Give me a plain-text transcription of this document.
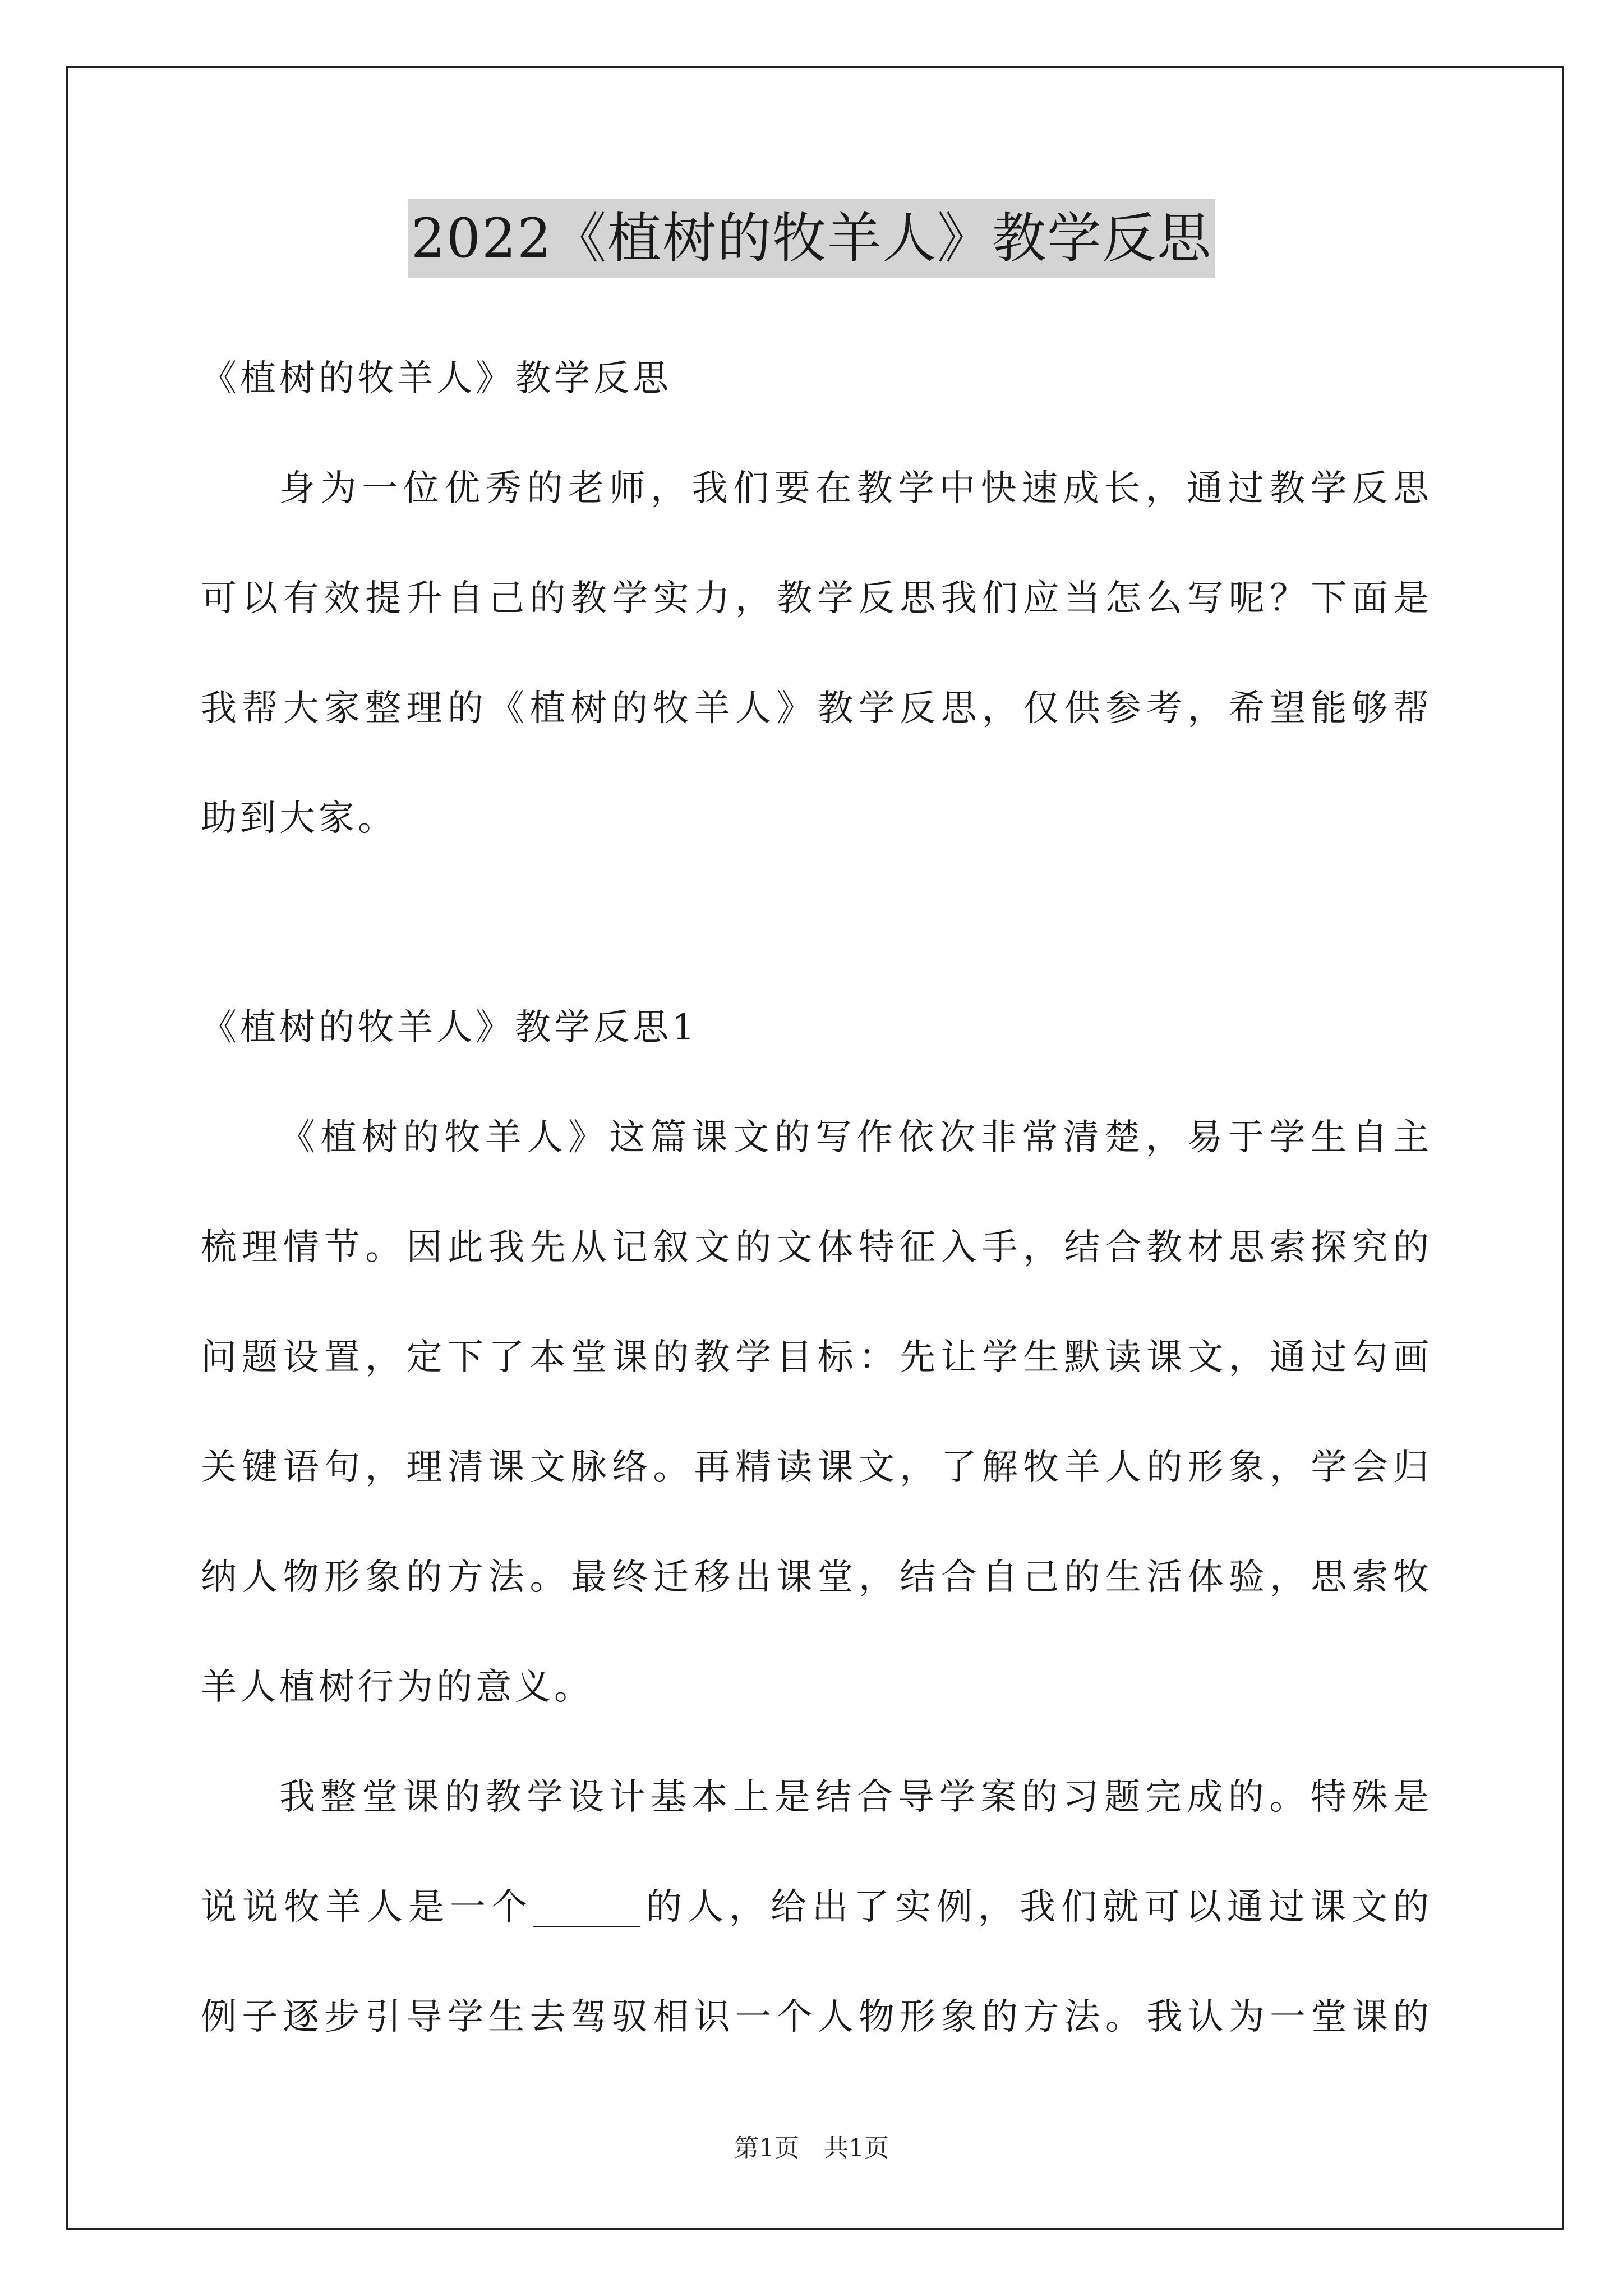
2022《植树的牧羊人》教学反思
《植树的牧羊人》教学反思
身为一位优秀的老师，我们要在教学中快速成长，通过教学反思
可以有效提升自己的教学实力，教学反思我们应当怎么写呢？下面是
我帮大家整理的《植树的牧羊人》教学反思，仅供参考，希望能够帮
助到大家。
《植树的牧羊人》教学反思1
《植树的牧羊人》这篇课文的写作依次非常清楚，易于学生自主
梳理情节。因此我先从记叙文的文体特征入手，结合教材思索探究的
问题设置，定下了本堂课的教学目标：先让学生默读课文，通过勾画
关键语句，理清课文脉络。再精读课文，了解牧羊人的形象，学会归
纳人物形象的方法。最终迁移出课堂，结合自己的生活体验，思索牧
羊人植树行为的意义。
我整堂课的教学设计基本上是结合导学案的习题完成的。特殊是
说说牧羊人是一个______的人，给出了实例，我们就可以通过课文的
例子逐步引导学生去驾驭相识一个人物形象的方法。我认为一堂课的
第1页　共1页
